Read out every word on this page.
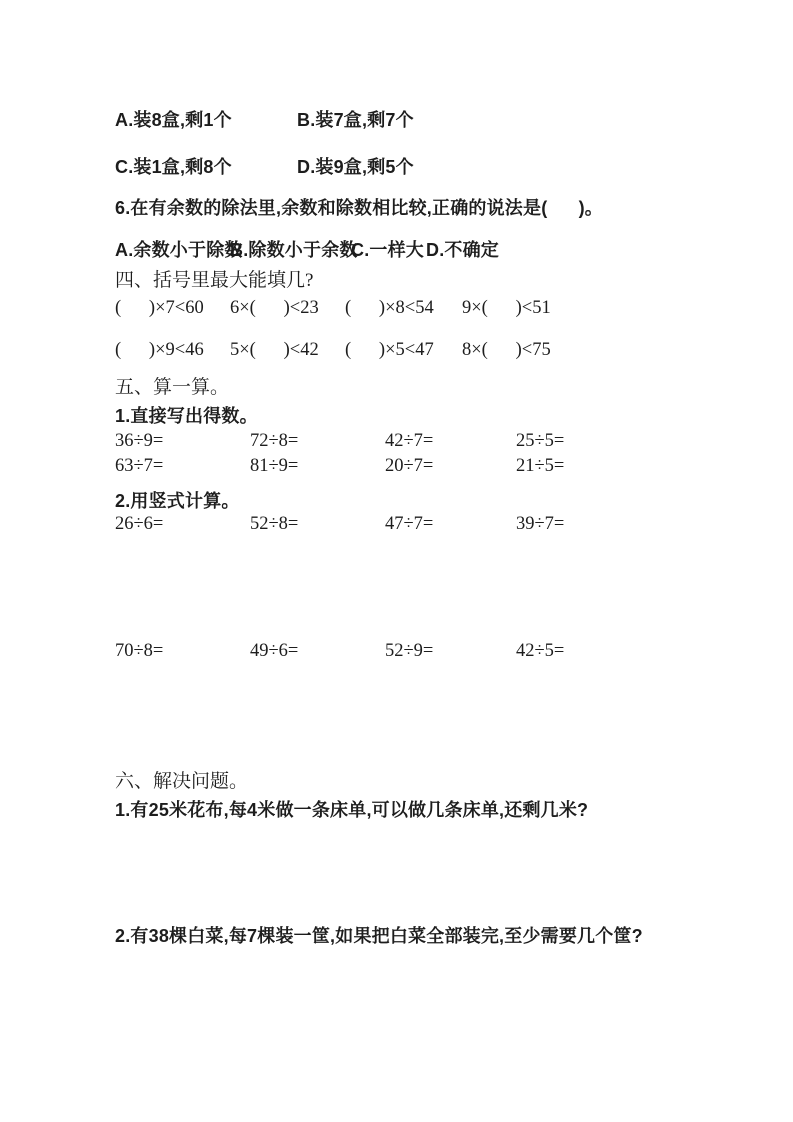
A.装8盒,剩1个	B.装7盒,剩7个
C.装1盒,剩8个	D.装9盒,剩5个
6.在有余数的除法里,余数和除数相比较,正确的说法是(      )。
A.余数小于除数
B.除数小于余数
C.一样大 D.不确定
四、括号里最大能填几?
(      )×7<60	6×(      )<23	(      )×8<54	9×(      )<51
(      )×9<46	5×(      )<42	(      )×5<47	8×(      )<75
五、算一算。
1.直接写出得数。
36÷9=	72÷8=	42÷7=	25÷5=
63÷7=	81÷9=	20÷7=	21÷5=
2.用竖式计算。
26÷6=	52÷8=	47÷7=	39÷7=
70÷8=	49÷6=	52÷9=	42÷5=
六、解决问题。
1.有25米花布,每4米做一条床单,可以做几条床单,还剩几米?
2.有38棵白菜,每7棵装一筐,如果把白菜全部装完,至少需要几个筐?
